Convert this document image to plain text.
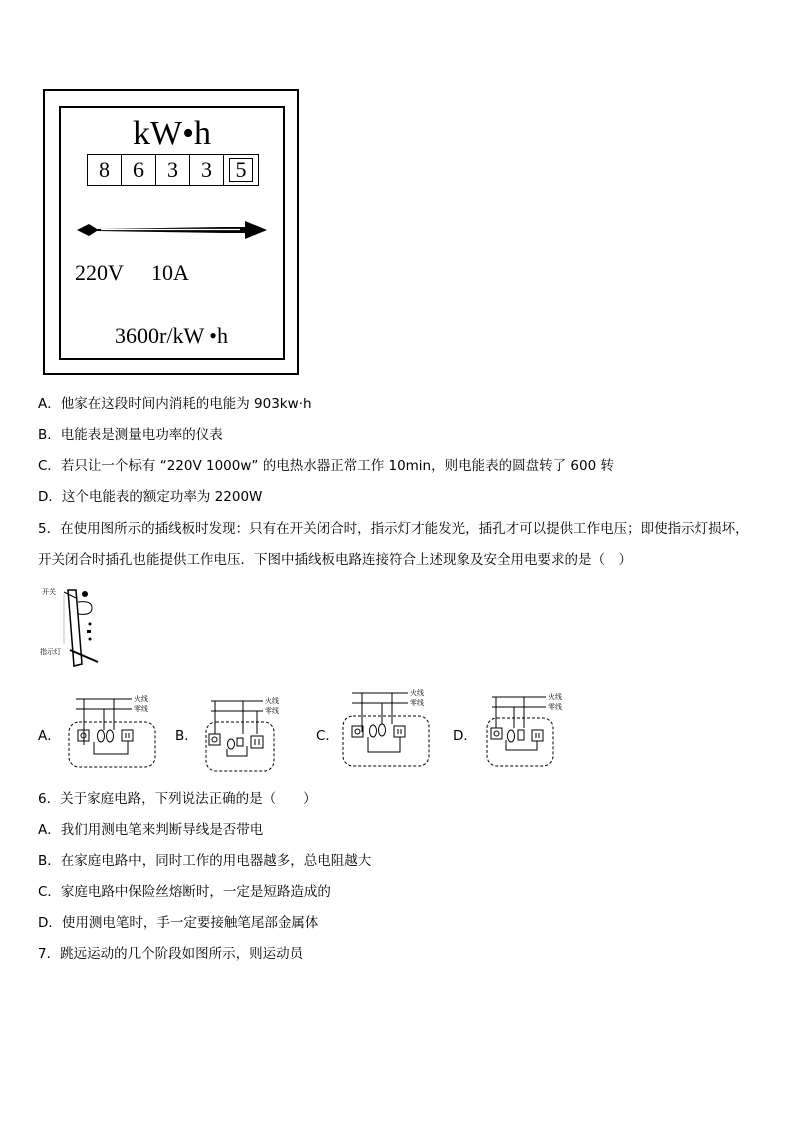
kW•h
8	6	3	3	5
220V     10A
3600r/kW •h
A．他家在这段时间内消耗的电能为 903kw·h
B．电能表是测量电功率的仪表
C．若只让一个标有 “220V 1000w” 的电热水器正常工作 10min，则电能表的圆盘转了 600 转
D．这个电能表的额定功率为 2200W
5．在使用图所示的插线板时发现：只有在开关闭合时，指示灯才能发光，插孔才可以提供工作电压；即使指示灯损坏，开关闭合时插孔也能提供工作电压．下图中插线板电路连接符合上述现象及安全用电要求的是（　）
开关
指示灯
A．	B．	C．	D．
火线
零线
火线
零线
火线
零线
火线
零线
6．关于家庭电路，下列说法正确的是（　　）
A．我们用测电笔来判断导线是否带电
B．在家庭电路中，同时工作的用电器越多，总电阻越大
C．家庭电路中保险丝熔断时，一定是短路造成的
D．使用测电笔时，手一定要接触笔尾部金属体
7．跳远运动的几个阶段如图所示，则运动员
